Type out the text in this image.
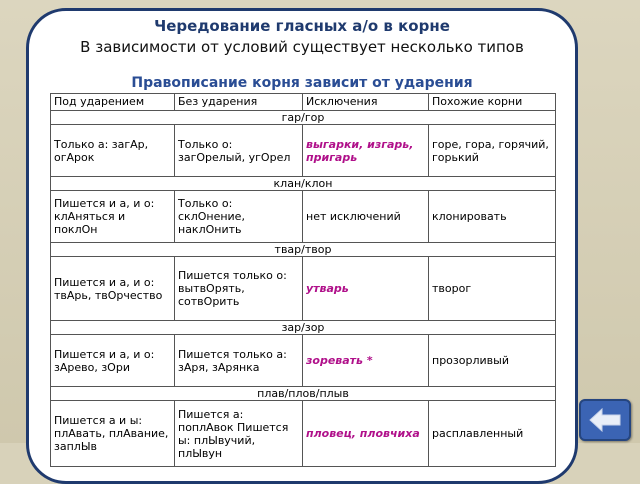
Чередование гласных а/о в корне
В зависимости от условий существует несколько типов
Правописание корня зависит от ударения
Под ударением	Без ударения	Исключения	Похожие корни
гар/гор			
Только а: загАр, огАрок	Только о: загОрелый, угОрел	выгарки, изгарь, пригарь	горе, гора, горячий, горький
клан/клон			
Пишется и а, и о: клАняться и поклОн	Только о: склОнение, наклОнить	нет исключений	клонировать
твар/твор			
Пишется и а, и о: твАрь, твОрчество	Пишется только о: вытвОрять, сотвОрить	утварь	творог
зар/зор			
Пишется и а, и о: зАрево, зОри	Пишется только а: зАря, зАрянка	зоревать *	прозорливый
плав/плов/плыв			
Пишется а и ы: плАвать, плАвание, заплЫв	Пишется а: поплАвок Пишется ы: плЫвучий, плЫвун	пловец, пловчиха	расплавленный
